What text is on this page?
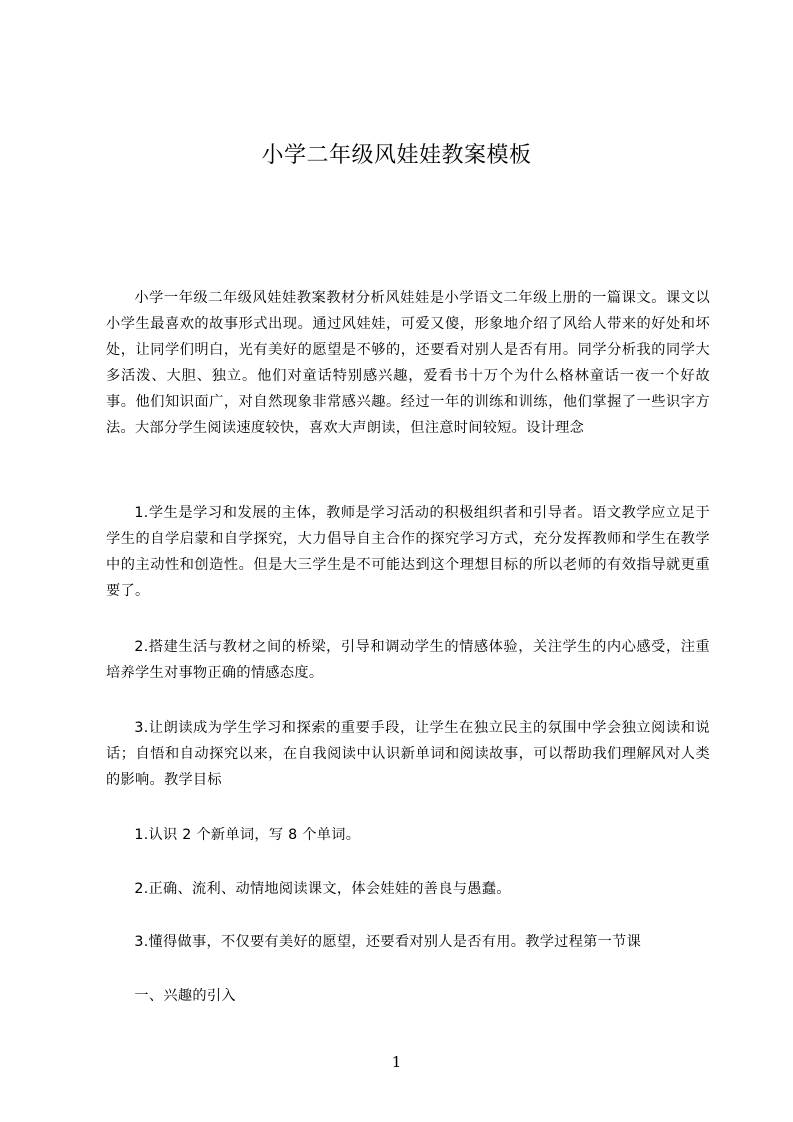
小学二年级风娃娃教案模板

小学一年级二年级风娃娃教案教材分析风娃娃是小学语文二年级上册的一篇课文。课文以小学生最喜欢的故事形式出现。通过风娃娃，可爱又傻，形象地介绍了风给人带来的好处和坏处，让同学们明白，光有美好的愿望是不够的，还要看对别人是否有用。同学分析我的同学大多活泼、大胆、独立。他们对童话特别感兴趣，爱看书十万个为什么格林童话一夜一个好故事。他们知识面广，对自然现象非常感兴趣。经过一年的训练和训练，他们掌握了一些识字方法。大部分学生阅读速度较快，喜欢大声朗读，但注意时间较短。设计理念

1.学生是学习和发展的主体，教师是学习活动的积极组织者和引导者。语文教学应立足于学生的自学启蒙和自学探究，大力倡导自主合作的探究学习方式，充分发挥教师和学生在教学中的主动性和创造性。但是大三学生是不可能达到这个理想目标的所以老师的有效指导就更重要了。

2.搭建生活与教材之间的桥梁，引导和调动学生的情感体验，关注学生的内心感受，注重培养学生对事物正确的情感态度。

3.让朗读成为学生学习和探索的重要手段，让学生在独立民主的氛围中学会独立阅读和说话；自悟和自动探究以来，在自我阅读中认识新单词和阅读故事，可以帮助我们理解风对人类的影响。教学目标

1.认识 2 个新单词，写 8 个单词。

2.正确、流利、动情地阅读课文，体会娃娃的善良与愚蠢。

3.懂得做事，不仅要有美好的愿望，还要看对别人是否有用。教学过程第一节课

一、兴趣的引入

1
